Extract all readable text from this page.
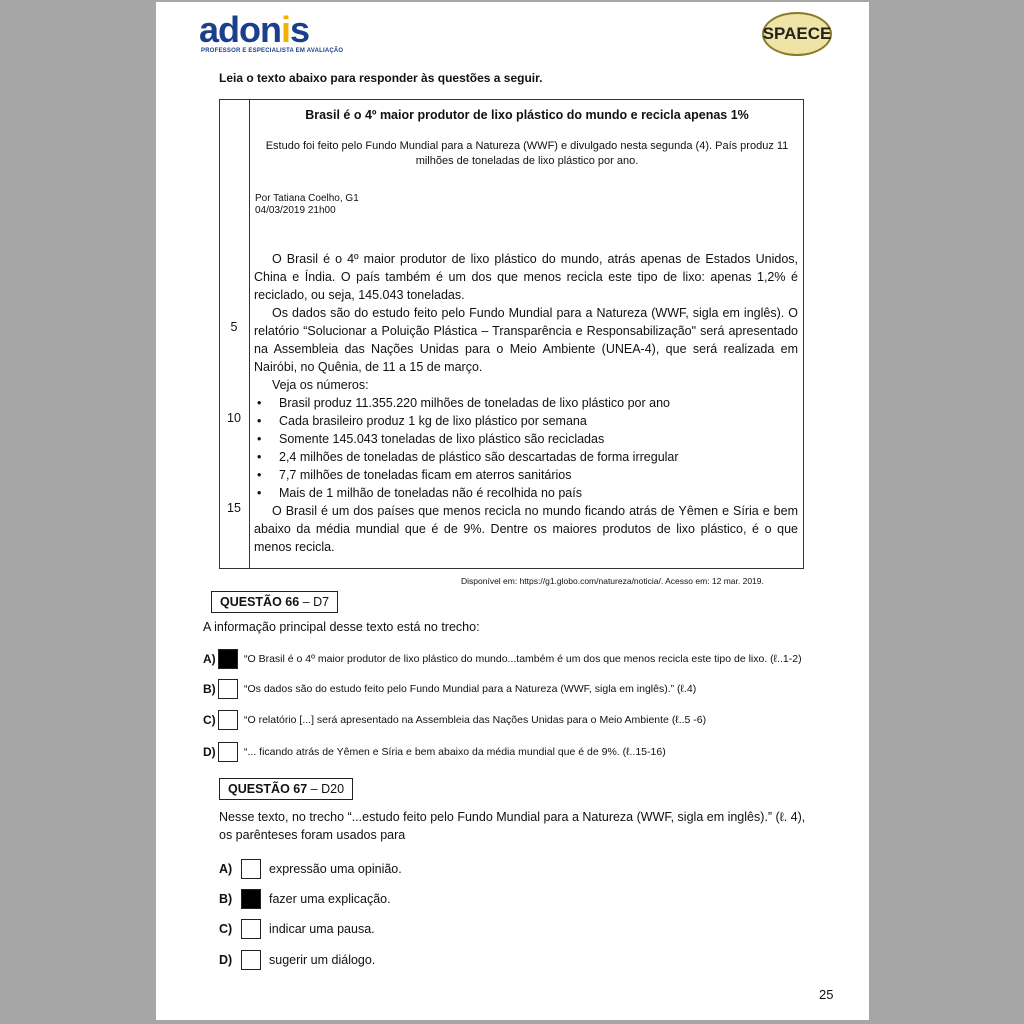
adonis
PROFESSOR E ESPECIALISTA EM AVALIAÇÃO
SPAECE
Leia o texto abaixo para responder às questões a seguir.
Brasil é o 4º maior produtor de lixo plástico do mundo e recicla apenas 1%
Estudo foi feito pelo Fundo Mundial para a Natureza (WWF) e divulgado nesta segunda (4). País produz 11 milhões de toneladas de lixo plástico por ano.
Por Tatiana Coelho, G1
04/03/2019 21h00

O Brasil é o 4º maior produtor de lixo plástico do mundo, atrás apenas de Estados Unidos, China e Índia. O país também é um dos que menos recicla este tipo de lixo: apenas 1,2% é reciclado, ou seja, 145.043 toneladas.

Os dados são do estudo feito pelo Fundo Mundial para a Natureza (WWF, sigla em inglês). O relatório “Solucionar a Poluição Plástica – Transparência e Responsabilização" será apresentado na Assembleia das Nações Unidas para o Meio Ambiente (UNEA-4), que será realizada em Nairóbi, no Quênia, de 11 a 15 de março.

Veja os números:

• Brasil produz 11.355.220 milhões de toneladas de lixo plástico por ano

• Cada brasileiro produz 1 kg de lixo plástico por semana

• Somente 145.043 toneladas de lixo plástico são recicladas

• 2,4 milhões de toneladas de plástico são descartadas de forma irregular

• 7,7 milhões de toneladas ficam em aterros sanitários

• Mais de 1 milhão de toneladas não é recolhida no país

O Brasil é um dos países que menos recicla no mundo ficando atrás de Yêmen e Síria e bem abaixo da média mundial que é de 9%. Dentre os maiores produtos de lixo plástico, é o que menos recicla.

5
10
15
Disponível em: https://g1.globo.com/natureza/noticia/. Acesso em: 12 mar. 2019.
QUESTÃO 66 – D7
A informação principal desse texto está no trecho:
A)	“O Brasil é o 4º maior produtor de lixo plástico do mundo...também é um dos que menos recicla este tipo de lixo. (ℓ..1-2)
B)	“Os dados são do estudo feito pelo Fundo Mundial para a Natureza (WWF, sigla em inglês).” (ℓ.4)
C)	“O relatório [...] será apresentado na Assembleia das Nações Unidas para o Meio Ambiente (ℓ..5 -6)
D)	“... ficando atrás de Yêmen e Síria e bem abaixo da média mundial que é de 9%. (ℓ..15-16)
QUESTÃO 67 – D20
Nesse texto, no trecho “...estudo feito pelo Fundo Mundial para a Natureza (WWF, sigla em inglês).” (ℓ. 4), os parênteses foram usados para
A)	expressão uma opinião.
B)	fazer uma explicação.
C)	indicar uma pausa.
D)	sugerir um diálogo.
25
